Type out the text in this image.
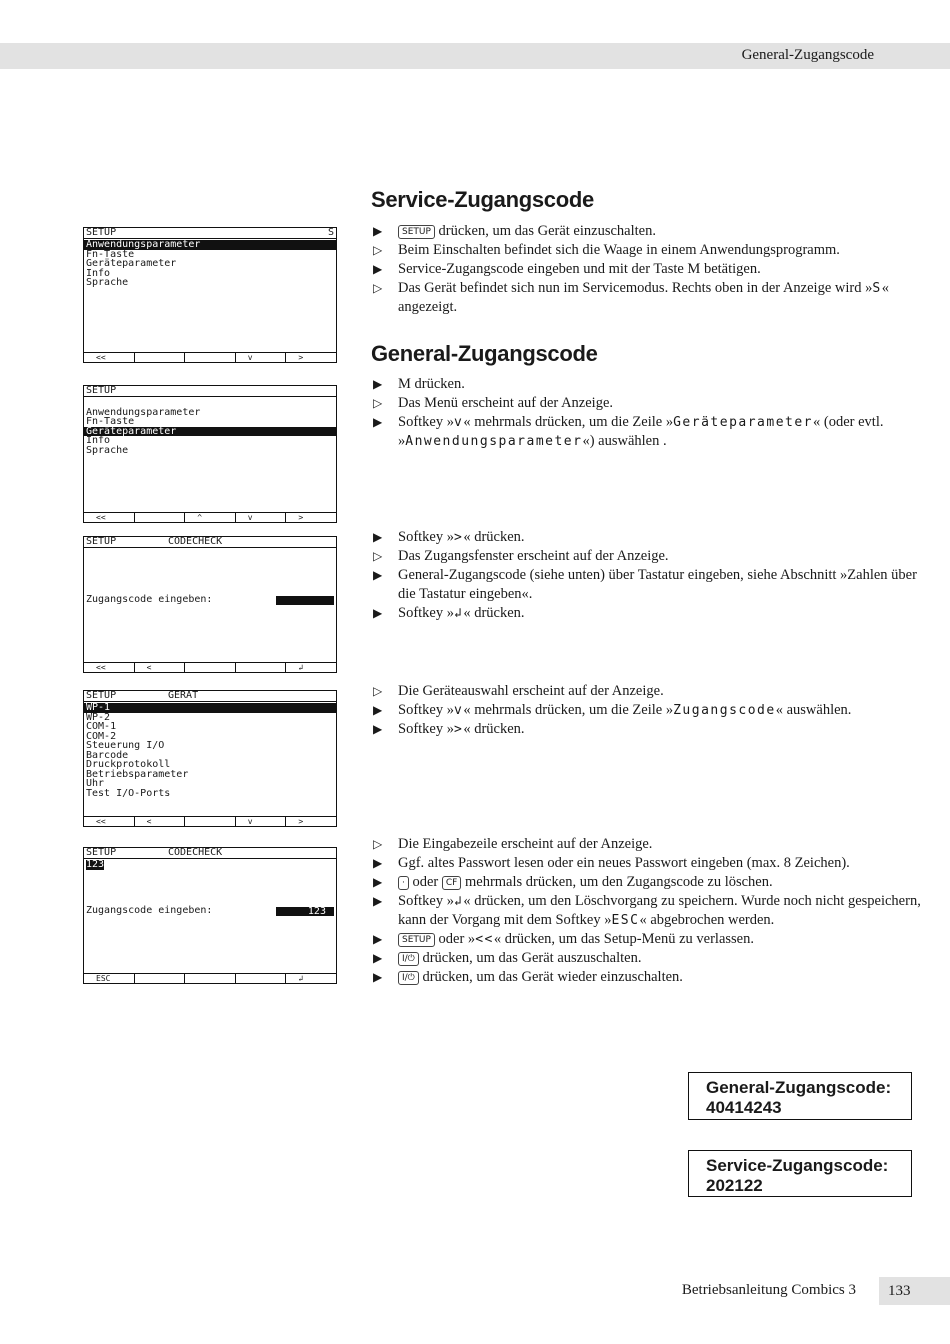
General-Zugangscode
Service-Zugangscode
▶ SETUP drücken, um das Gerät einzuschalten.
▷ Beim Einschalten befindet sich die Waage in einem Anwendungsprogramm.
▶ Service-Zugangscode eingeben und mit der Taste M betätigen.
▷ Das Gerät befindet sich nun im Servicemodus. Rechts oben in der Anzeige wird »S« angezeigt.
General-Zugangscode
▶ M drücken.
▷ Das Menü erscheint auf der Anzeige.
▶ Softkey »v« mehrmals drücken, um die Zeile »Geräteparameter« (oder evtl. »Anwendungsparameter«) auswählen .
▶ Softkey »>« drücken.
▷ Das Zugangsfenster erscheint auf der Anzeige.
▶ General-Zugangscode (siehe unten) über Tastatur eingeben, siehe Abschnitt »Zahlen über die Tastatur eingeben«.
▶ Softkey »↲« drücken.
▷ Die Geräteauswahl erscheint auf der Anzeige.
▶ Softkey »v« mehrmals drücken, um die Zeile »Zugangscode« auswählen.
▶ Softkey »>« drücken.
▷ Die Eingabezeile erscheint auf der Anzeige.
▶ Ggf. altes Passwort lesen oder ein neues Passwort eingeben (max. 8 Zeichen).
▶ · oder CF mehrmals drücken, um den Zugangscode zu löschen.
▶ Softkey »↲« drücken, um den Löschvorgang zu speichern. Wurde noch nicht gespeichern, kann der Vorgang mit dem Softkey »ESC« abgebrochen werden.
▶ SETUP oder »<<« drücken, um das Setup-Menü zu verlassen.
▶ I/⏻ drücken, um das Gerät auszuschalten.
▶ I/⏻ drücken, um das Gerät wieder einzuschalten.
SETUP	S
Anwendungsparameter
Fn-Taste
Geräteparameter
Info
Sprache
<<	v	>
SETUP
Anwendungsparameter
Fn-Taste
Geräteparameter
Info
Sprache
<<	^	v	>
SETUP	CODECHECK
Zugangscode eingeben:
<<	<	↲
SETUP	GERÄT
WP-1
WP-2
COM-1
COM-2
Steuerung I/O
Barcode
Druckprotokoll
Betriebsparameter
Uhr
Test I/O-Ports
<<	<	v	>
SETUP	CODECHECK
123
Zugangscode eingeben:	123_
ESC	↲
General-Zugangscode:
40414243
Service-Zugangscode:
202122
Betriebsanleitung Combics 3	133
